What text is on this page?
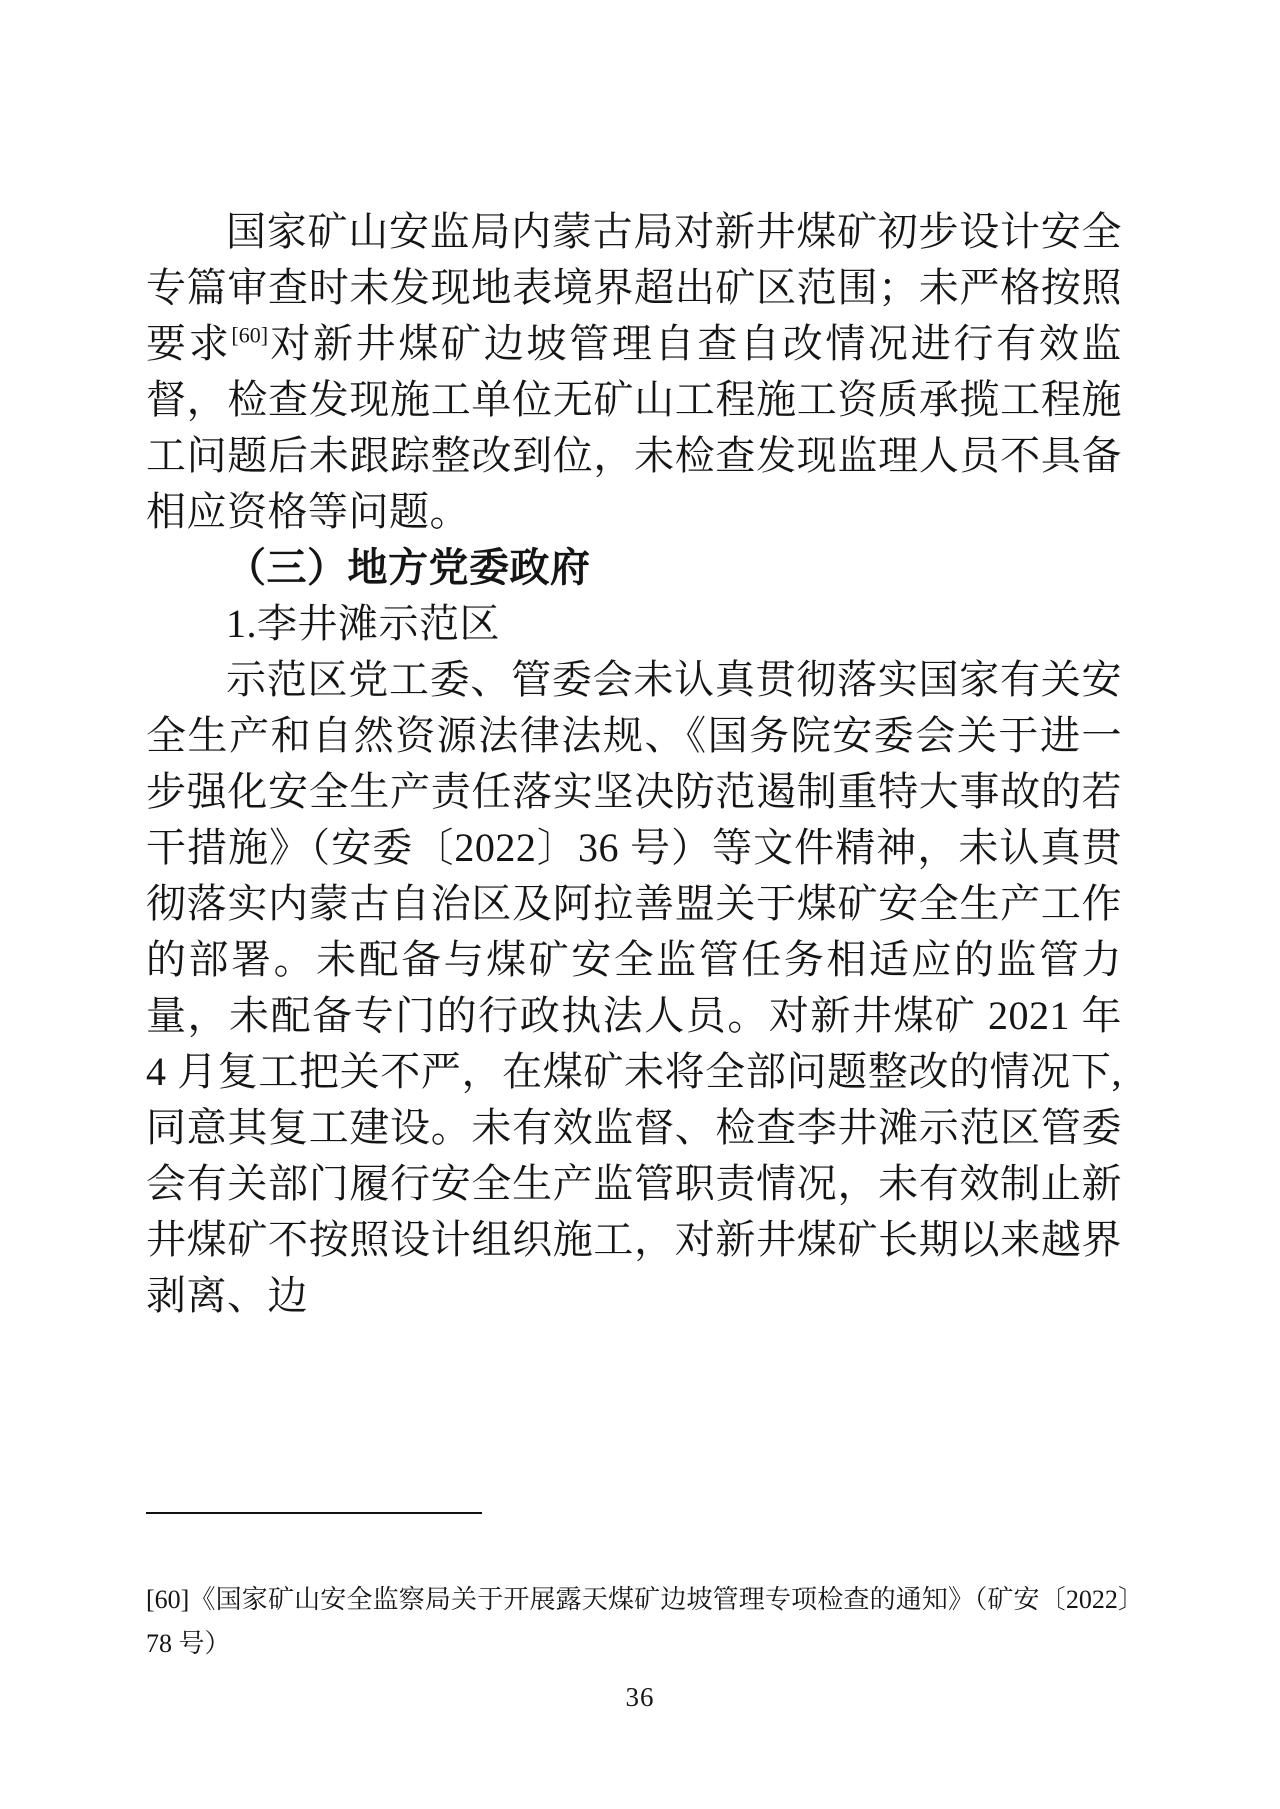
国家矿山安监局内蒙古局对新井煤矿初步设计安全专篇审查时未发现地表境界超出矿区范围；未严格按照要求[60]对新井煤矿边坡管理自查自改情况进行有效监督，检查发现施工单位无矿山工程施工资质承揽工程施工问题后未跟踪整改到位，未检查发现监理人员不具备相应资格等问题。

（三）地方党委政府

1.李井滩示范区

示范区党工委、管委会未认真贯彻落实国家有关安全生产和自然资源法律法规、《国务院安委会关于进一步强化安全生产责任落实坚决防范遏制重特大事故的若干措施》（安委〔2022〕36 号）等文件精神，未认真贯彻落实内蒙古自治区及阿拉善盟关于煤矿安全生产工作的部署。未配备与煤矿安全监管任务相适应的监管力量，未配备专门的行政执法人员。对新井煤矿 2021 年 4 月复工把关不严，在煤矿未将全部问题整改的情况下,同意其复工建设。未有效监督、检查李井滩示范区管委会有关部门履行安全生产监管职责情况，未有效制止新井煤矿不按照设计组织施工，对新井煤矿长期以来越界剥离、边

[60]《国家矿山安全监察局关于开展露天煤矿边坡管理专项检查的通知》（矿安〔2022〕78 号）

36
